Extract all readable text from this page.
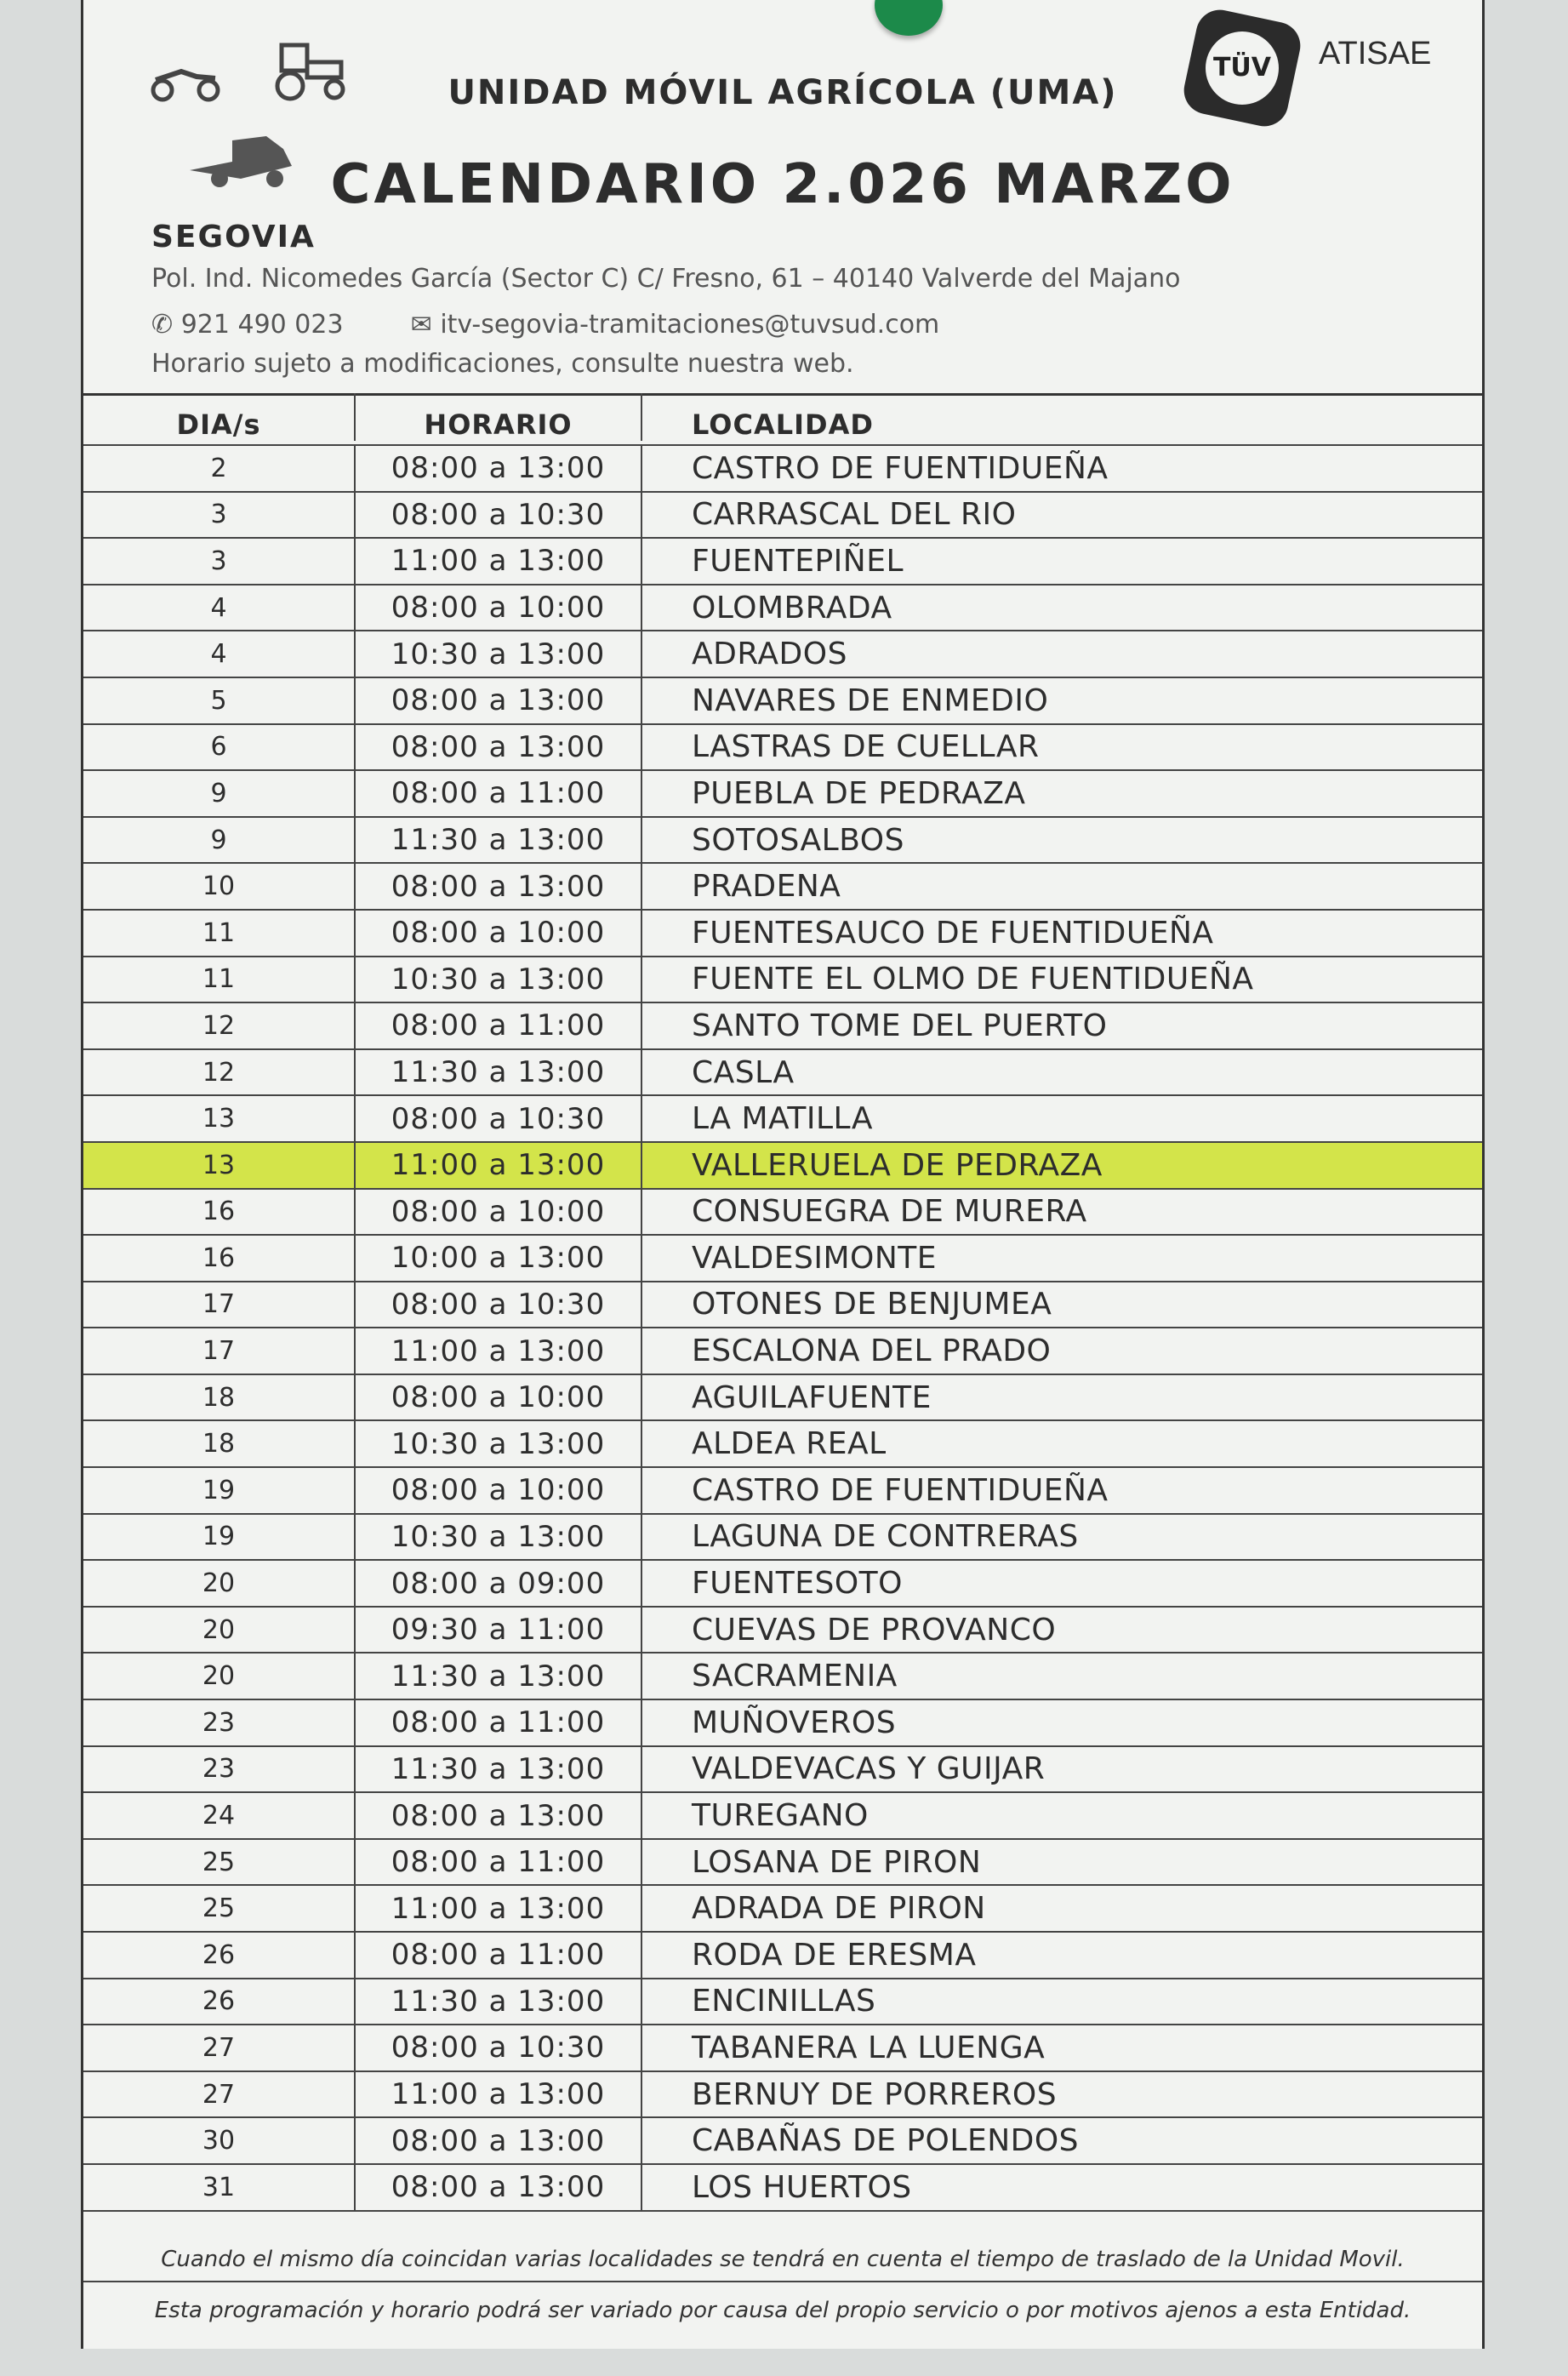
UNIDAD MÓVIL AGRÍCOLA (UMA)
CALENDARIO 2.026 MARZO
TÜV ATISAE
SEGOVIA
Pol. Ind. Nicomedes García (Sector C) C/ Fresno, 61 – 40140 Valverde del Majano
✆ 921 490 023	✉ itv-segovia-tramitaciones@tuvsud.com
Horario sujeto a modificaciones, consulte nuestra web.
DIA/s	HORARIO	LOCALIDAD
2	08:00 a 13:00	CASTRO DE FUENTIDUEÑA
3	08:00 a 10:30	CARRASCAL DEL RIO
3	11:00 a 13:00	FUENTEPIÑEL
4	08:00 a 10:00	OLOMBRADA
4	10:30 a 13:00	ADRADOS
5	08:00 a 13:00	NAVARES DE ENMEDIO
6	08:00 a 13:00	LASTRAS DE CUELLAR
9	08:00 a 11:00	PUEBLA DE PEDRAZA
9	11:30 a 13:00	SOTOSALBOS
10	08:00 a 13:00	PRADENA
11	08:00 a 10:00	FUENTESAUCO DE FUENTIDUEÑA
11	10:30 a 13:00	FUENTE EL OLMO DE FUENTIDUEÑA
12	08:00 a 11:00	SANTO TOME DEL PUERTO
12	11:30 a 13:00	CASLA
13	08:00 a 10:30	LA MATILLA
13	11:00 a 13:00	VALLERUELA DE PEDRAZA
16	08:00 a 10:00	CONSUEGRA DE MURERA
16	10:00 a 13:00	VALDESIMONTE
17	08:00 a 10:30	OTONES DE BENJUMEA
17	11:00 a 13:00	ESCALONA DEL PRADO
18	08:00 a 10:00	AGUILAFUENTE
18	10:30 a 13:00	ALDEA REAL
19	08:00 a 10:00	CASTRO DE FUENTIDUEÑA
19	10:30 a 13:00	LAGUNA DE CONTRERAS
20	08:00 a 09:00	FUENTESOTO
20	09:30 a 11:00	CUEVAS DE PROVANCO
20	11:30 a 13:00	SACRAMENIA
23	08:00 a 11:00	MUÑOVEROS
23	11:30 a 13:00	VALDEVACAS Y GUIJAR
24	08:00 a 13:00	TUREGANO
25	08:00 a 11:00	LOSANA DE PIRON
25	11:00 a 13:00	ADRADA DE PIRON
26	08:00 a 11:00	RODA DE ERESMA
26	11:30 a 13:00	ENCINILLAS
27	08:00 a 10:30	TABANERA LA LUENGA
27	11:00 a 13:00	BERNUY DE PORREROS
30	08:00 a 13:00	CABAÑAS DE POLENDOS
31	08:00 a 13:00	LOS HUERTOS
Cuando el mismo día coincidan varias localidades se tendrá en cuenta el tiempo de traslado de la Unidad Movil.
Esta programación y horario podrá ser variado por causa del propio servicio o por motivos ajenos a esta Entidad.
